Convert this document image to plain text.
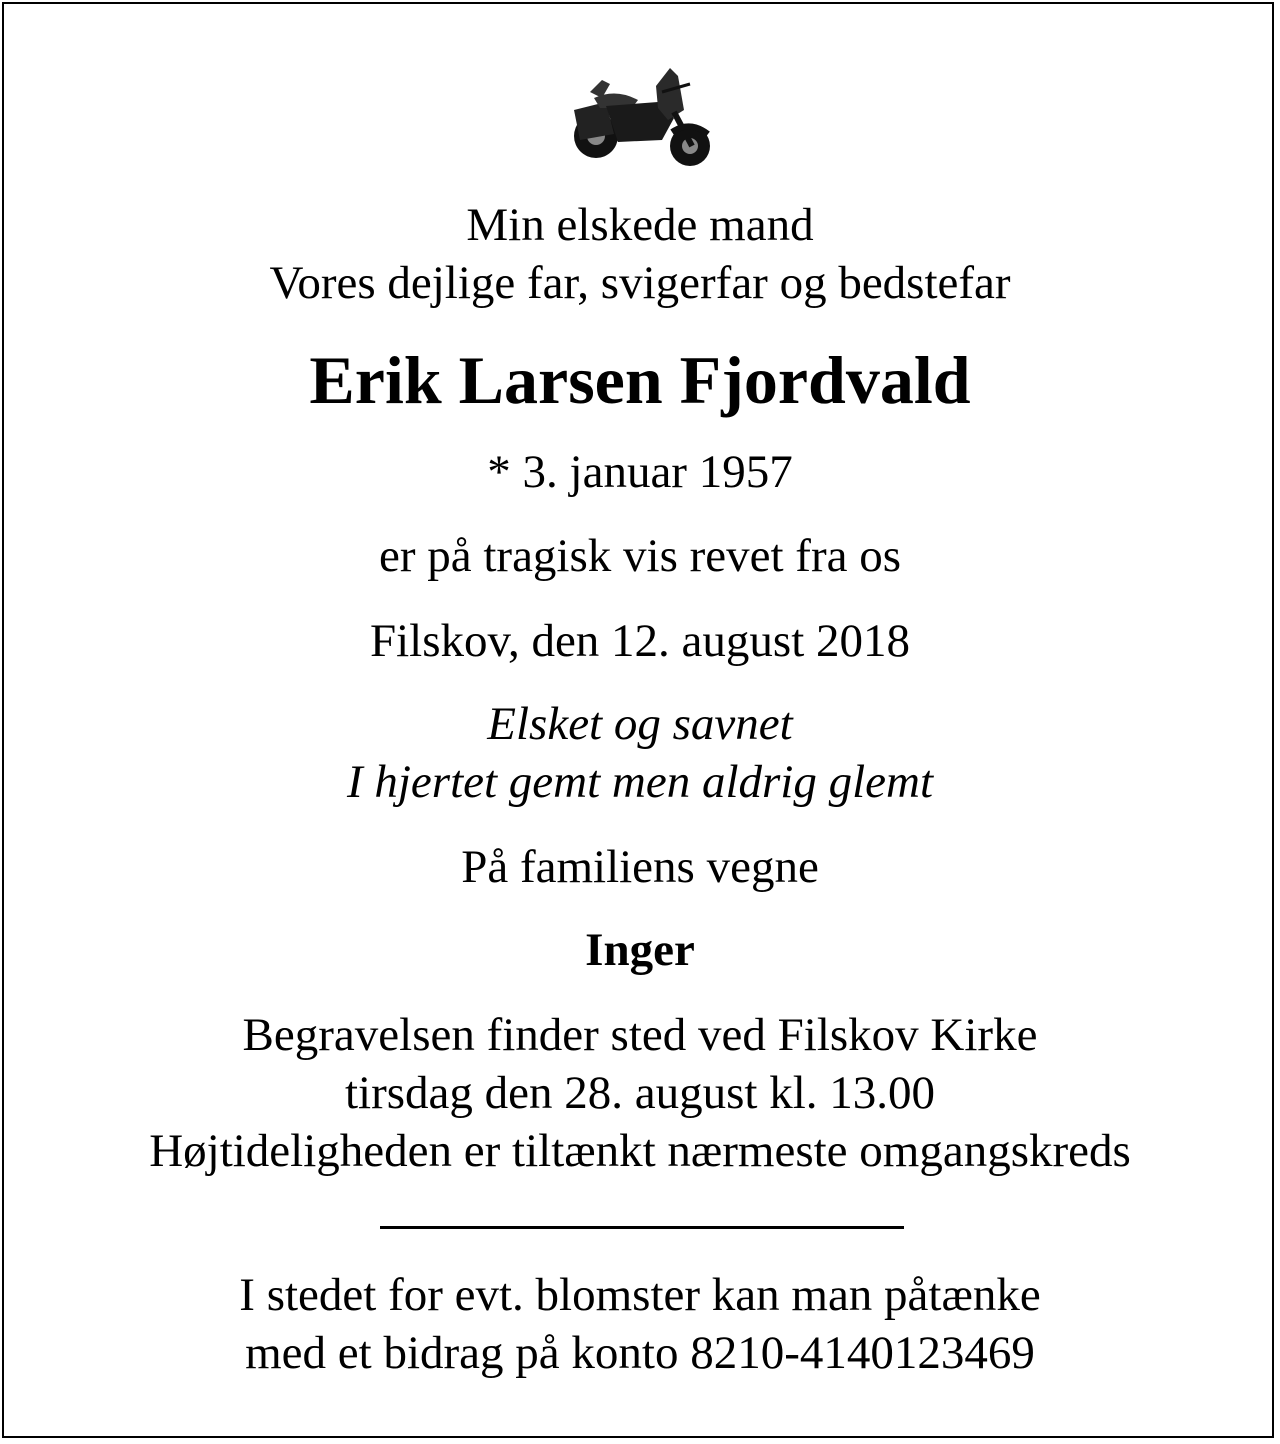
Min elskede mand
Vores dejlige far, svigerfar og bedstefar
Erik Larsen Fjordvald
* 3. januar 1957
er på tragisk vis revet fra os
Filskov, den 12. august 2018
Elsket og savnet
I hjertet gemt men aldrig glemt
På familiens vegne
Inger
Begravelsen finder sted ved Filskov Kirke
tirsdag den 28. august kl. 13.00
Højtideligheden er tiltænkt nærmeste omgangskreds
I stedet for evt. blomster kan man påtænke
med et bidrag på konto 8210-4140123469
